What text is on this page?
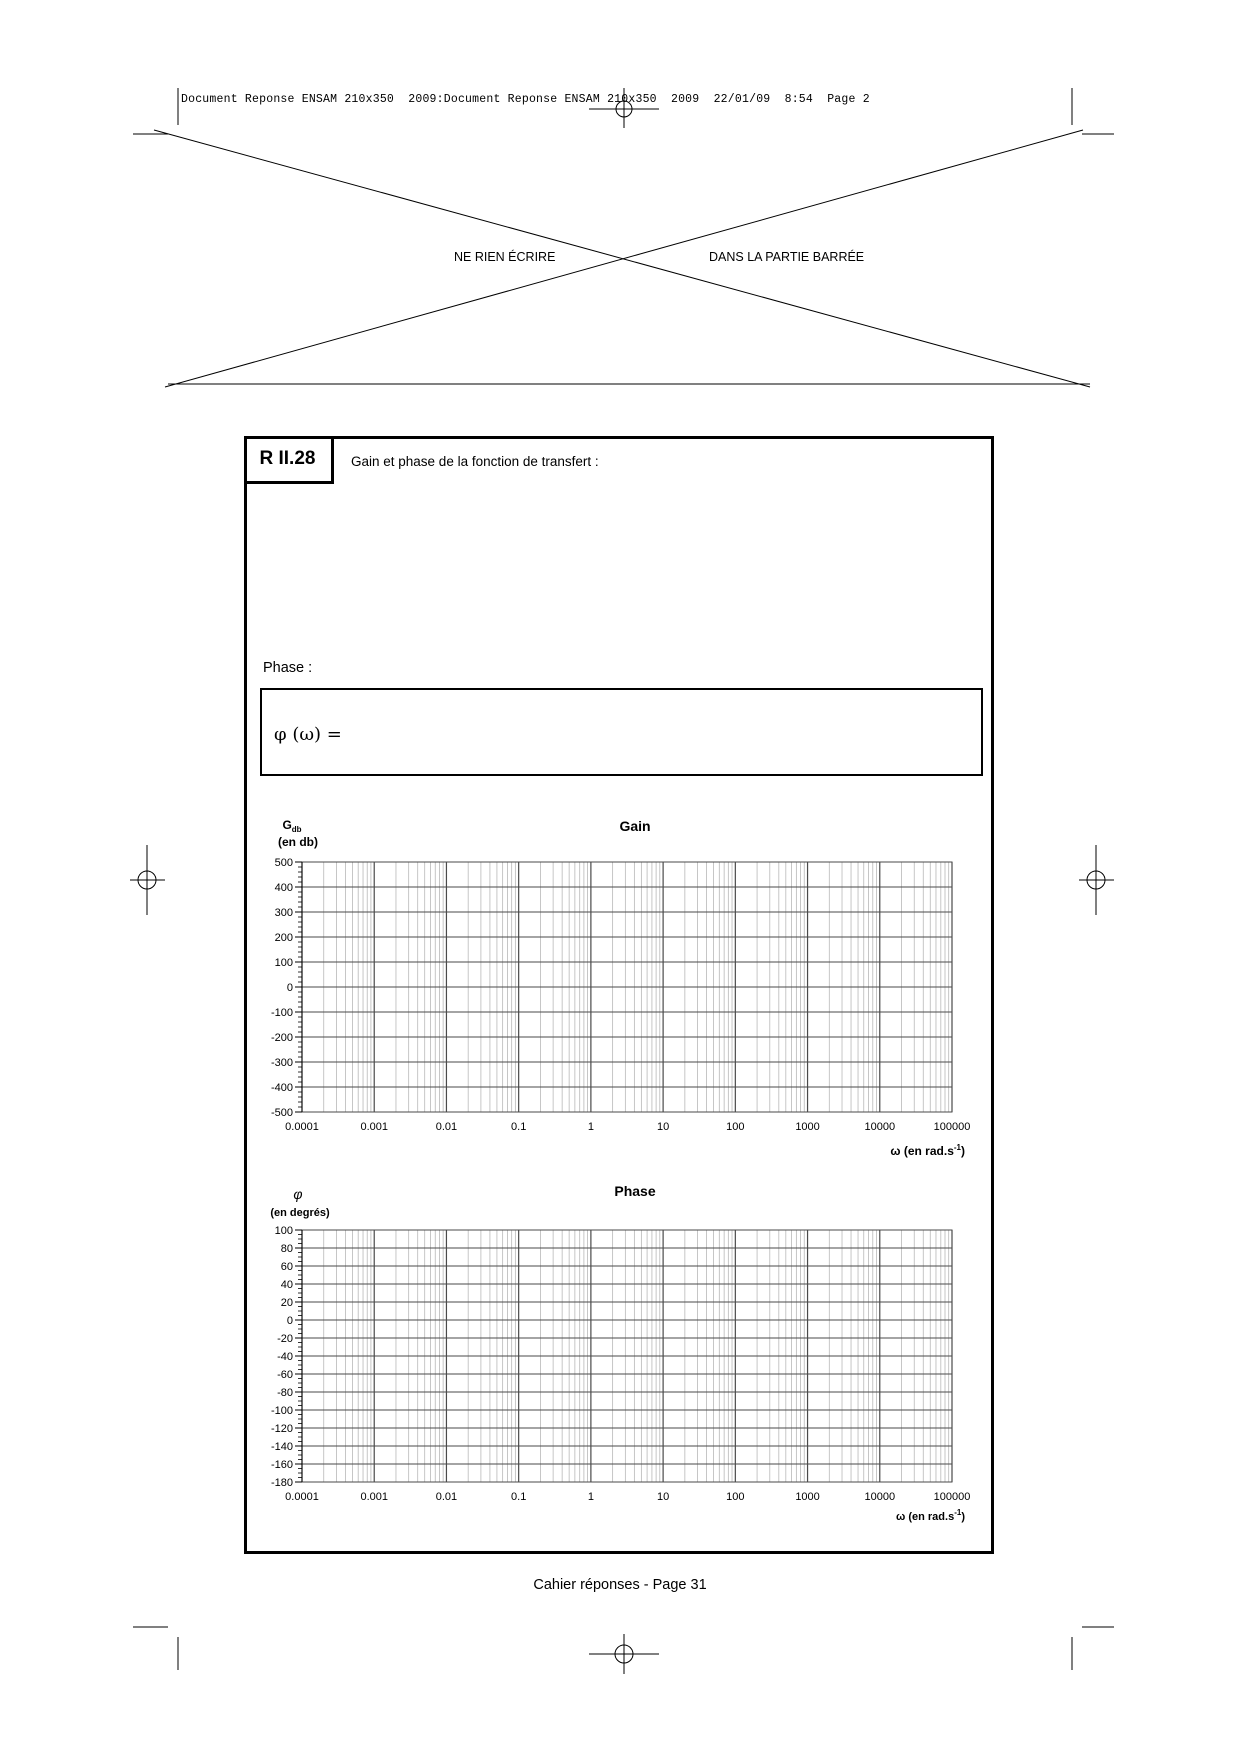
Document Reponse ENSAM 210x350  2009:Document Reponse ENSAM 210x350  2009  22/01/09  8:54  Page 2
NE RIEN ÉCRIRE	DANS LA PARTIE BARRÉE
R II.28	Gain et phase de la fonction de transfert :
Phase :
φ (ω) =
Gain
$G_{db}$
(en db)
500
400
300
200
100
0
-100
-200
-300
-400
-500
0.0001	0.001	0.01	0.1	1	10	100	1000	10000	100000
ω (en $rad.s^{-1}$)
Phase
φ
(en degrés)
100
80
60
40
20
0
-20
-40
-60
-80
-100
-120
-140
-160
-180
0.0001	0.001	0.01	0.1	1	10	100	1000	10000	100000
ω (en $rad.s^{-1}$)
Cahier réponses - Page 31
